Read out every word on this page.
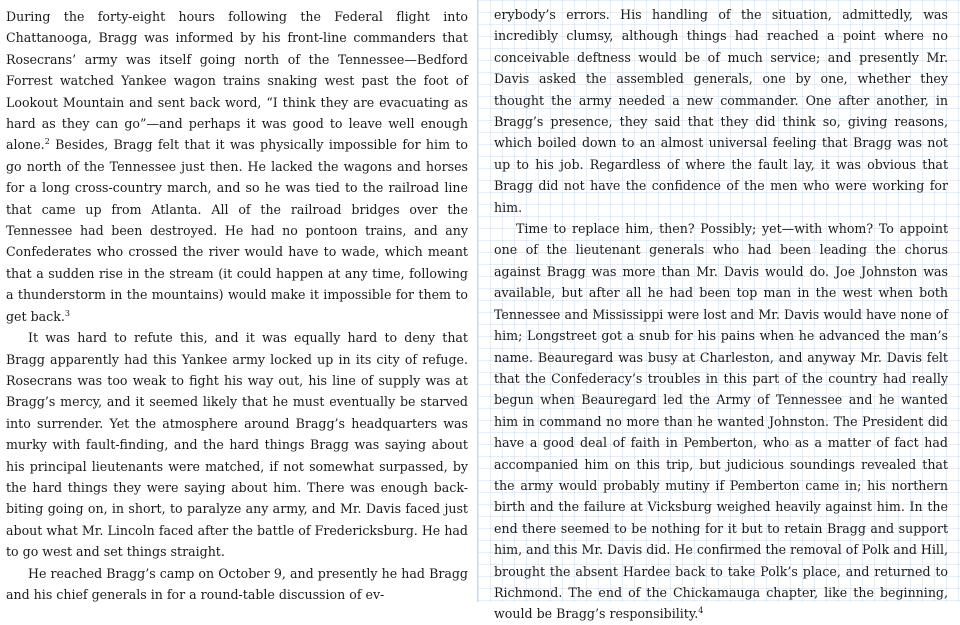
During the forty-eight hours following the Federal flight into Chattanooga, Bragg was informed by his front-line commanders that Rosecrans’ army was itself going north of the Tennessee—Bedford Forrest watched Yankee wagon trains snaking west past the foot of Lookout Mountain and sent back word, “I think they are evacuating as hard as they can go”—and perhaps it was good to leave well enough alone.$^2$ Besides, Bragg felt that it was physically impossible for him to go north of the Tennessee just then. He lacked the wagons and horses for a long cross-country march, and so he was tied to the railroad line that came up from Atlanta. All of the railroad bridges over the Tennessee had been destroyed. He had no pontoon trains, and any Confederates who crossed the river would have to wade, which meant that a sudden rise in the stream (it could happen at any time, following a thunderstorm in the mountains) would make it impossible for them to get back.$^3$

It was hard to refute this, and it was equally hard to deny that Bragg apparently had this Yankee army locked up in its city of refuge. Rosecrans was too weak to fight his way out, his line of supply was at Bragg’s mercy, and it seemed likely that he must eventually be starved into surrender. Yet the atmosphere around Bragg’s headquarters was murky with fault-finding, and the hard things Bragg was saying about his principal lieutenants were matched, if not somewhat surpassed, by the hard things they were saying about him. There was enough back-biting going on, in short, to paralyze any army, and Mr. Davis faced just about what Mr. Lincoln faced after the battle of Fredericksburg. He had to go west and set things straight.

He reached Bragg’s camp on October 9, and presently he had Bragg and his chief generals in for a round-table discussion of ev-

erybody’s errors. His handling of the situation, admittedly, was incredibly clumsy, although things had reached a point where no conceivable deftness would be of much service; and presently Mr. Davis asked the assembled generals, one by one, whether they thought the army needed a new commander. One after another, in Bragg’s presence, they said that they did think so, giving reasons, which boiled down to an almost universal feeling that Bragg was not up to his job. Regardless of where the fault lay, it was obvious that Bragg did not have the confidence of the men who were working for him.

Time to replace him, then? Possibly; yet—with whom? To appoint one of the lieutenant generals who had been leading the chorus against Bragg was more than Mr. Davis would do. Joe Johnston was available, but after all he had been top man in the west when both Tennessee and Mississippi were lost and Mr. Davis would have none of him; Longstreet got a snub for his pains when he advanced the man’s name. Beauregard was busy at Charleston, and anyway Mr. Davis felt that the Confederacy’s troubles in this part of the country had really begun when Beauregard led the Army of Tennessee and he wanted him in command no more than he wanted Johnston. The President did have a good deal of faith in Pemberton, who as a matter of fact had accompanied him on this trip, but judicious soundings revealed that the army would probably mutiny if Pemberton came in; his northern birth and the failure at Vicksburg weighed heavily against him. In the end there seemed to be nothing for it but to retain Bragg and support him, and this Mr. Davis did. He confirmed the removal of Polk and Hill, brought the absent Hardee back to take Polk’s place, and returned to Richmond. The end of the Chickamauga chapter, like the beginning, would be Bragg’s responsibility.$^4$
